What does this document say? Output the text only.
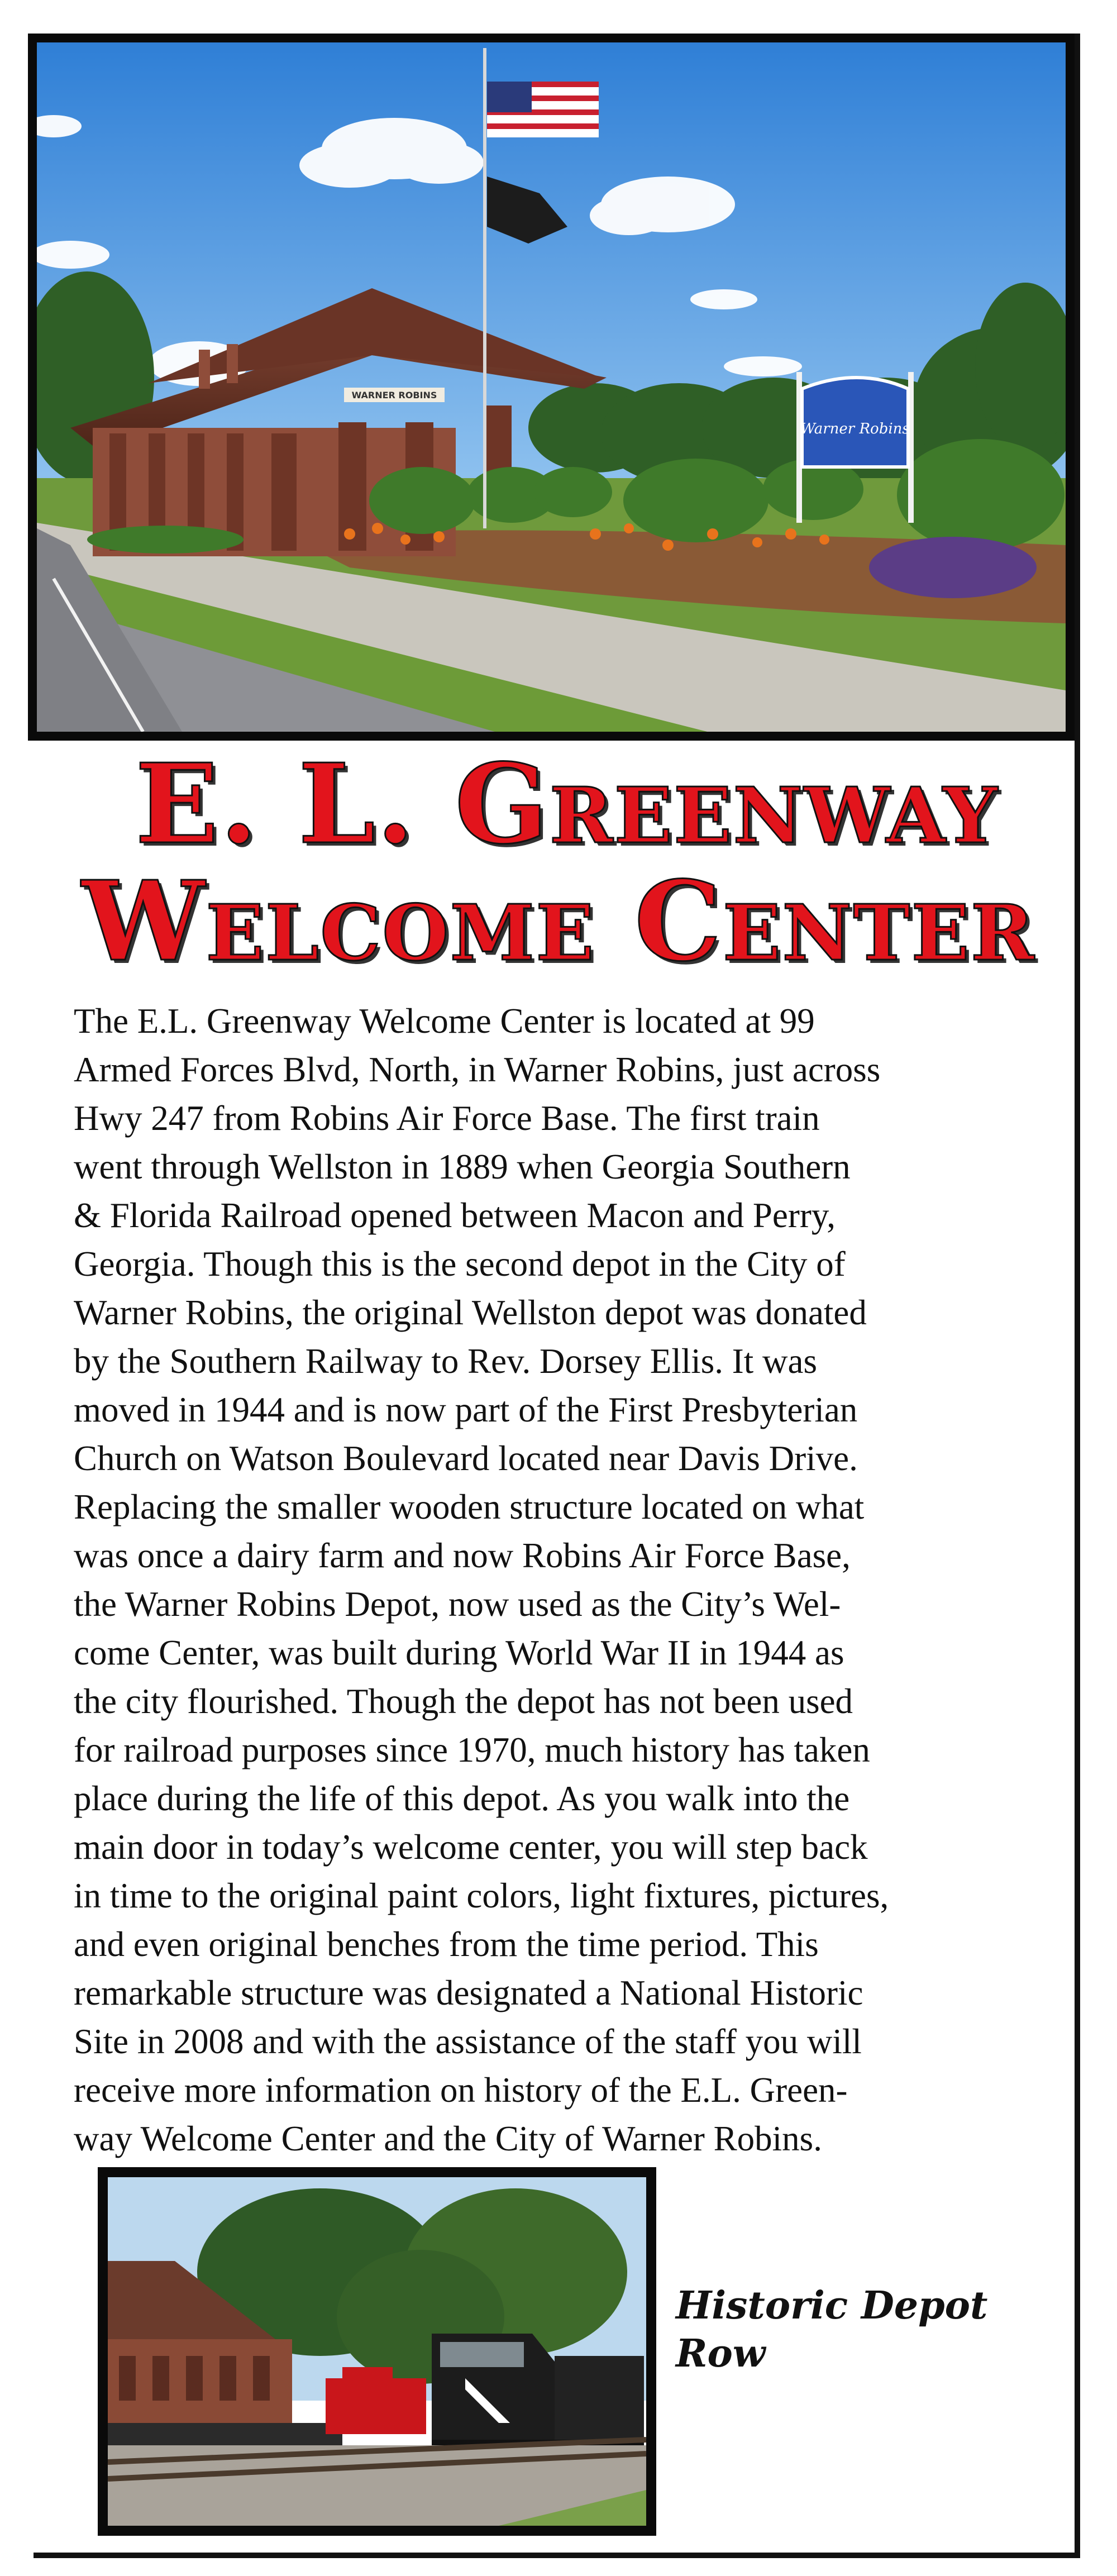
WARNER ROBINS
Warner Robins
E. L. Greenway
Welcome Center

The E.L. Greenway Welcome Center is located at 99
Armed Forces Blvd, North, in Warner Robins, just across
Hwy 247 from Robins Air Force Base. The first train
went through Wellston in 1889 when Georgia Southern
& Florida Railroad opened between Macon and Perry,
Georgia. Though this is the second depot in the City of
Warner Robins, the original Wellston depot was donated
by the Southern Railway to Rev. Dorsey Ellis. It was
moved in 1944 and is now part of the First Presbyterian
Church on Watson Boulevard located near Davis Drive.
Replacing the smaller wooden structure located on what
was once a dairy farm and now Robins Air Force Base,
the Warner Robins Depot, now used as the City’s Wel-
come Center, was built during World War II in 1944 as
the city flourished. Though the depot has not been used
for railroad purposes since 1970, much history has taken
place during the life of this depot. As you walk into the
main door in today’s welcome center, you will step back
in time to the original paint colors, light fixtures, pictures,
and even original benches from the time period. This
remarkable structure was designated a National Historic
Site in 2008 and with the assistance of the staff you will
receive more information on history of the E.L. Green-
way Welcome Center and the City of Warner Robins.

Historic Depot
Row
